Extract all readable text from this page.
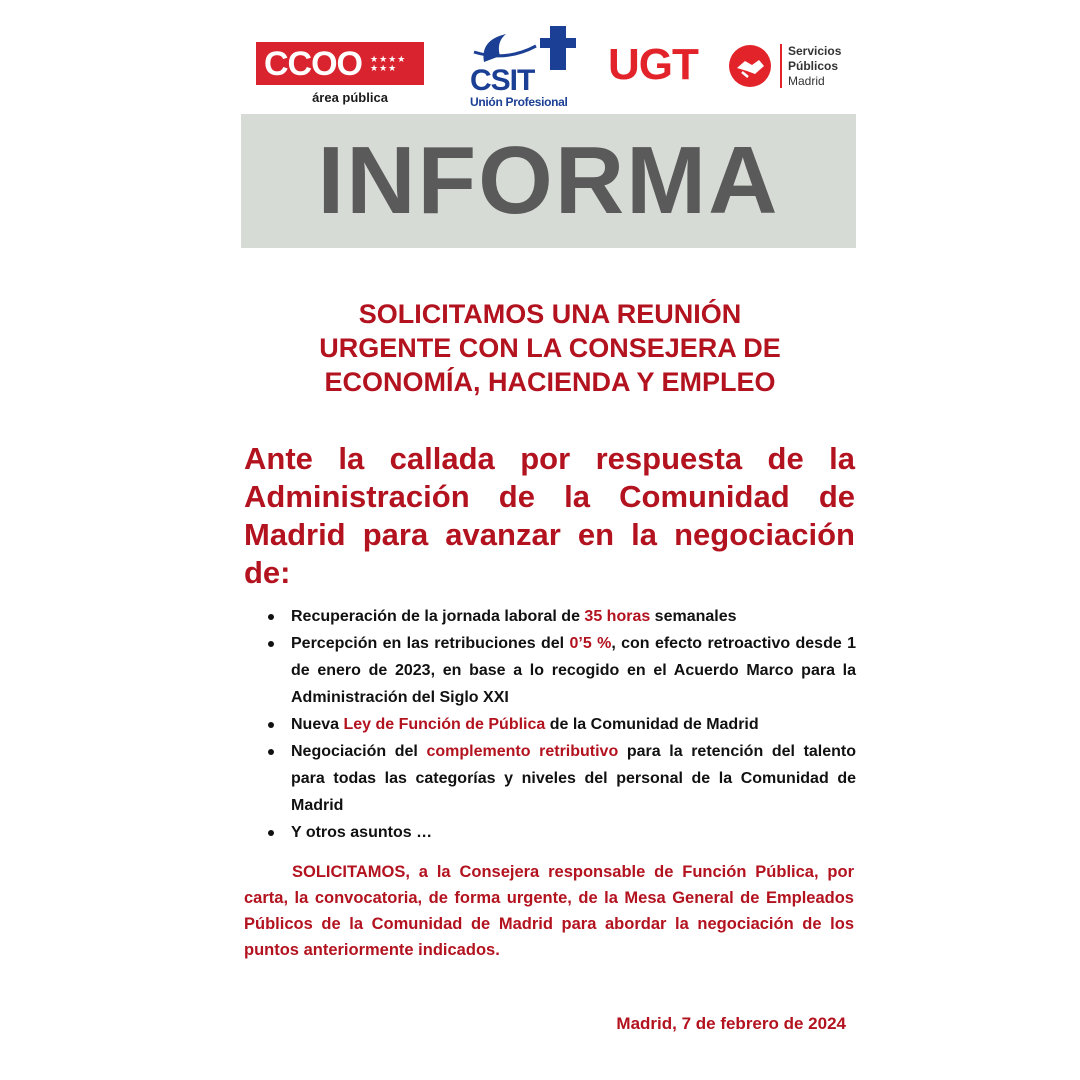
CCOO ★★★★
★★★
área pública
CSIT
Unión Profesional
UGT	Servicios
Públicos
Madrid
INFORMA
SOLICITAMOS UNA REUNIÓN
URGENTE CON LA CONSEJERA DE
ECONOMÍA, HACIENDA Y EMPLEO
Ante la callada por respuesta de la Administración de la Comunidad de Madrid para avanzar en la negociación de:
Recuperación de la jornada laboral de 35 horas semanales
Percepción en las retribuciones del 0’5 %, con efecto retroactivo desde 1 de enero de 2023, en base a lo recogido en el Acuerdo Marco para la Administración del Siglo XXI
Nueva Ley de Función de Pública de la Comunidad de Madrid
Negociación del complemento retributivo para la retención del talento para todas las categorías y niveles del personal de la Comunidad de Madrid
Y otros asuntos …
SOLICITAMOS, a la Consejera responsable de Función Pública, por carta, la convocatoria, de forma urgente, de la Mesa General de Empleados Públicos de la Comunidad de Madrid para abordar la negociación de los puntos anteriormente indicados.
Madrid, 7 de febrero de 2024
